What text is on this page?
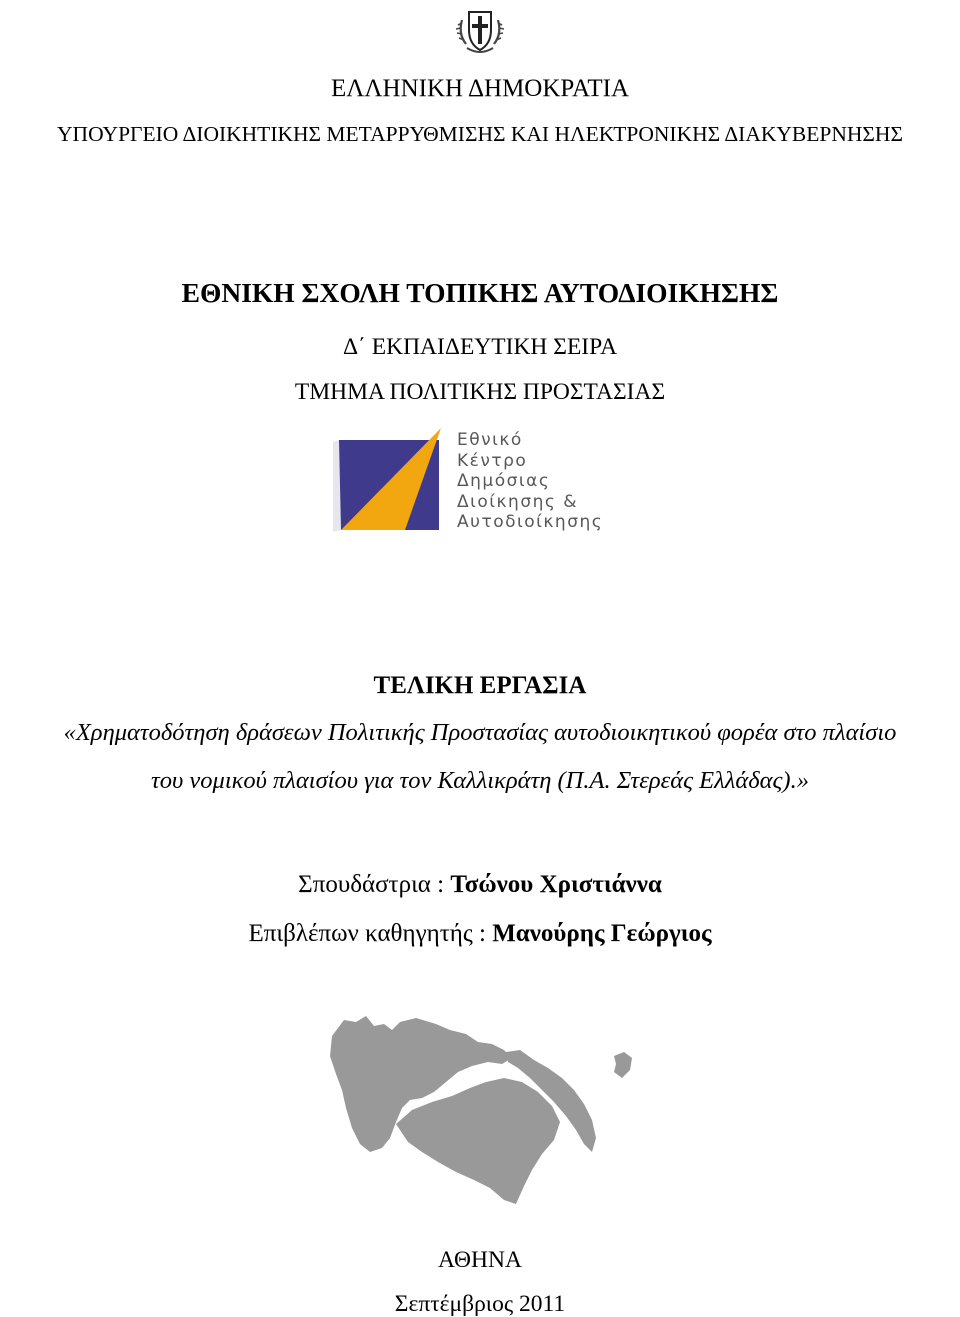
ΕΛΛΗΝΙΚΗ ΔΗΜΟΚΡΑΤΙΑ
ΥΠΟΥΡΓΕΙΟ ΔΙΟΙΚΗΤΙΚΗΣ ΜΕΤΑΡΡΥΘΜΙΣΗΣ ΚΑΙ ΗΛΕΚΤΡΟΝΙΚΗΣ ΔΙΑΚΥΒΕΡΝΗΣΗΣ
ΕΘΝΙΚΗ ΣΧΟΛΗ ΤΟΠΙΚΗΣ ΑΥΤΟΔΙΟΙΚΗΣΗΣ
Δ΄ ΕΚΠΑΙΔΕΥΤΙΚΗ ΣΕΙΡΑ
ΤΜΗΜΑ ΠΟΛΙΤΙΚΗΣ ΠΡΟΣΤΑΣΙΑΣ
Εθνικό
Κέντρο
Δημόσιας
Διοίκησης &
Αυτοδιοίκησης
ΤΕΛΙΚΗ ΕΡΓΑΣΙΑ
«Χρηματοδότηση δράσεων Πολιτικής Προστασίας αυτοδιοικητικού φορέα στο πλαίσιο
του νομικού πλαισίου για τον Καλλικράτη (Π.Α. Στερεάς Ελλάδας).»
Σπουδάστρια : Τσώνου Χριστιάννα
Επιβλέπων καθηγητής : Μανούρης Γεώργιος
ΑΘΗΝΑ
Σεπτέμβριος 2011
